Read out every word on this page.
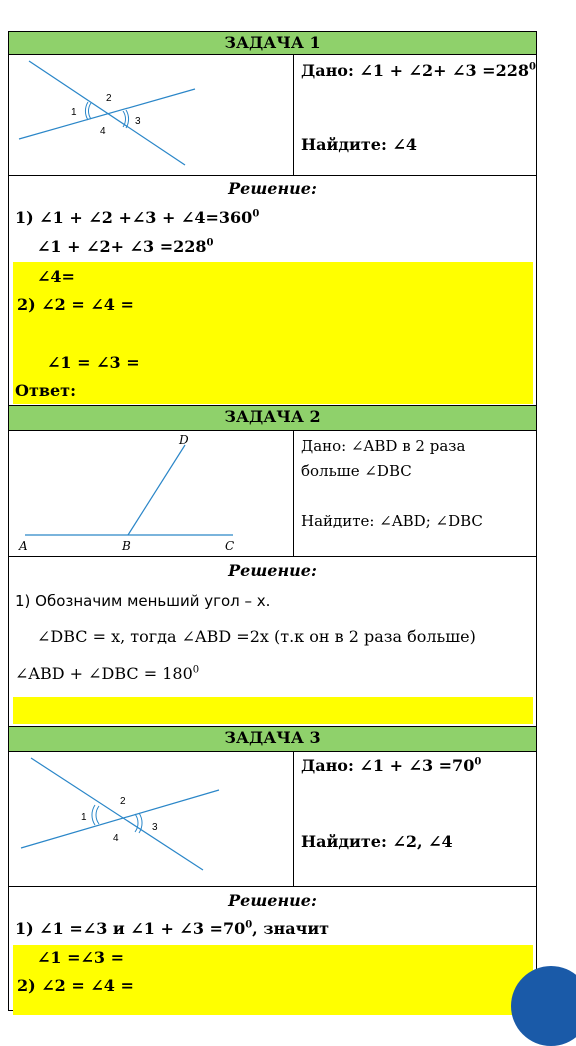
ЗАДАЧА 1
1
2
3
4
Дано: ∠1 + ∠2+ ∠3 $=228^0$
Найдите: ∠4
Решение:
1) ∠1 + ∠2 +∠3 + $\angle 4=360^0$
∠1 + ∠2+ ∠3 $=228^0$
∠4=
2) ∠2 = ∠4 =
∠1 = ∠3 =
Ответ:
ЗАДАЧА 2
A	B	C
D	Дано: ∠ABD в 2 раза
больше ∠DBC
Найдите: ∠ABD; ∠DBC
Решение:
1) Обозначим меньший угол – х.
∠DBC = х, тогда ∠ABD =2х (т.к он в 2 раза больше)
∠ABD + ∠DBC = $180^0$
ЗАДАЧА 3
1
2
3
4
Дано: ∠1 + ∠3 $=70^0$
Найдите: ∠2, ∠4
Решение:
1) ∠1 =∠3 и ∠1 + ∠3 $=70^0$, значит
∠1 =∠3 =
2) ∠2 = ∠4 =
